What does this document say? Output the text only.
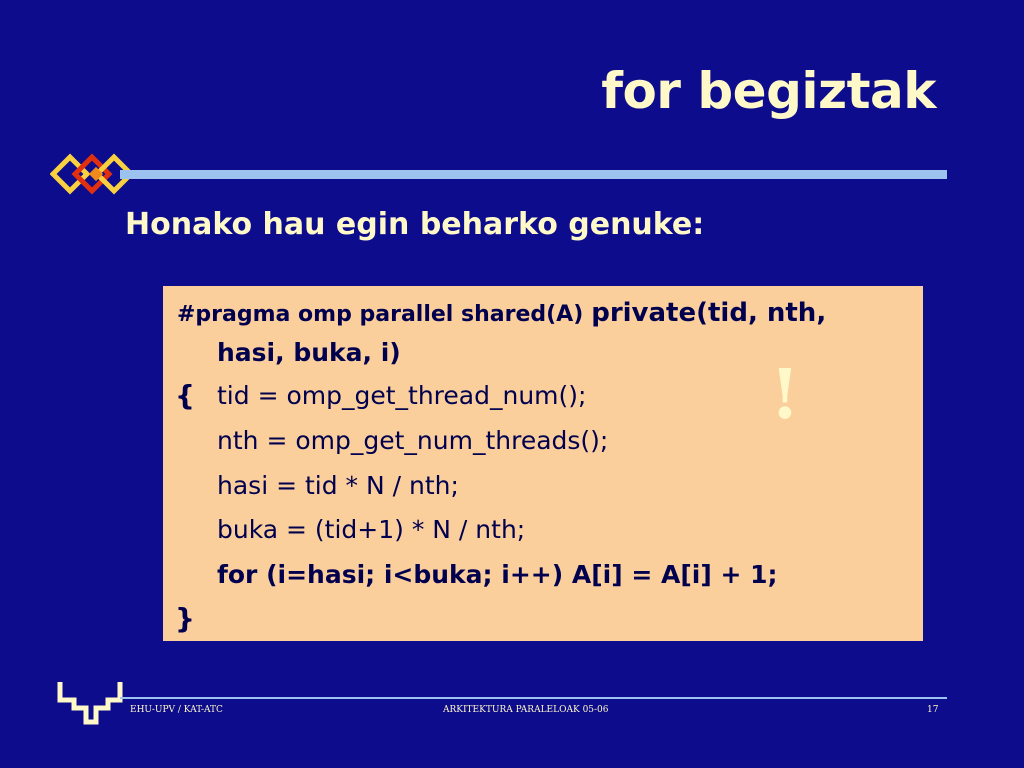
for begiztak
Honako hau egin beharko genuke:
#pragma omp parallel shared(A) private(tid, nth,
hasi, buka, i)
{ tid = omp_get_thread_num();
nth = omp_get_num_threads();
hasi = tid * N / nth;
buka = (tid+1) * N / nth;
for (i=hasi; i<buka; i++) A[i] = A[i] + 1;
}
!
EHU-UPV / KAT-ATC	ARKITEKTURA PARALELOAK 05-06	17
